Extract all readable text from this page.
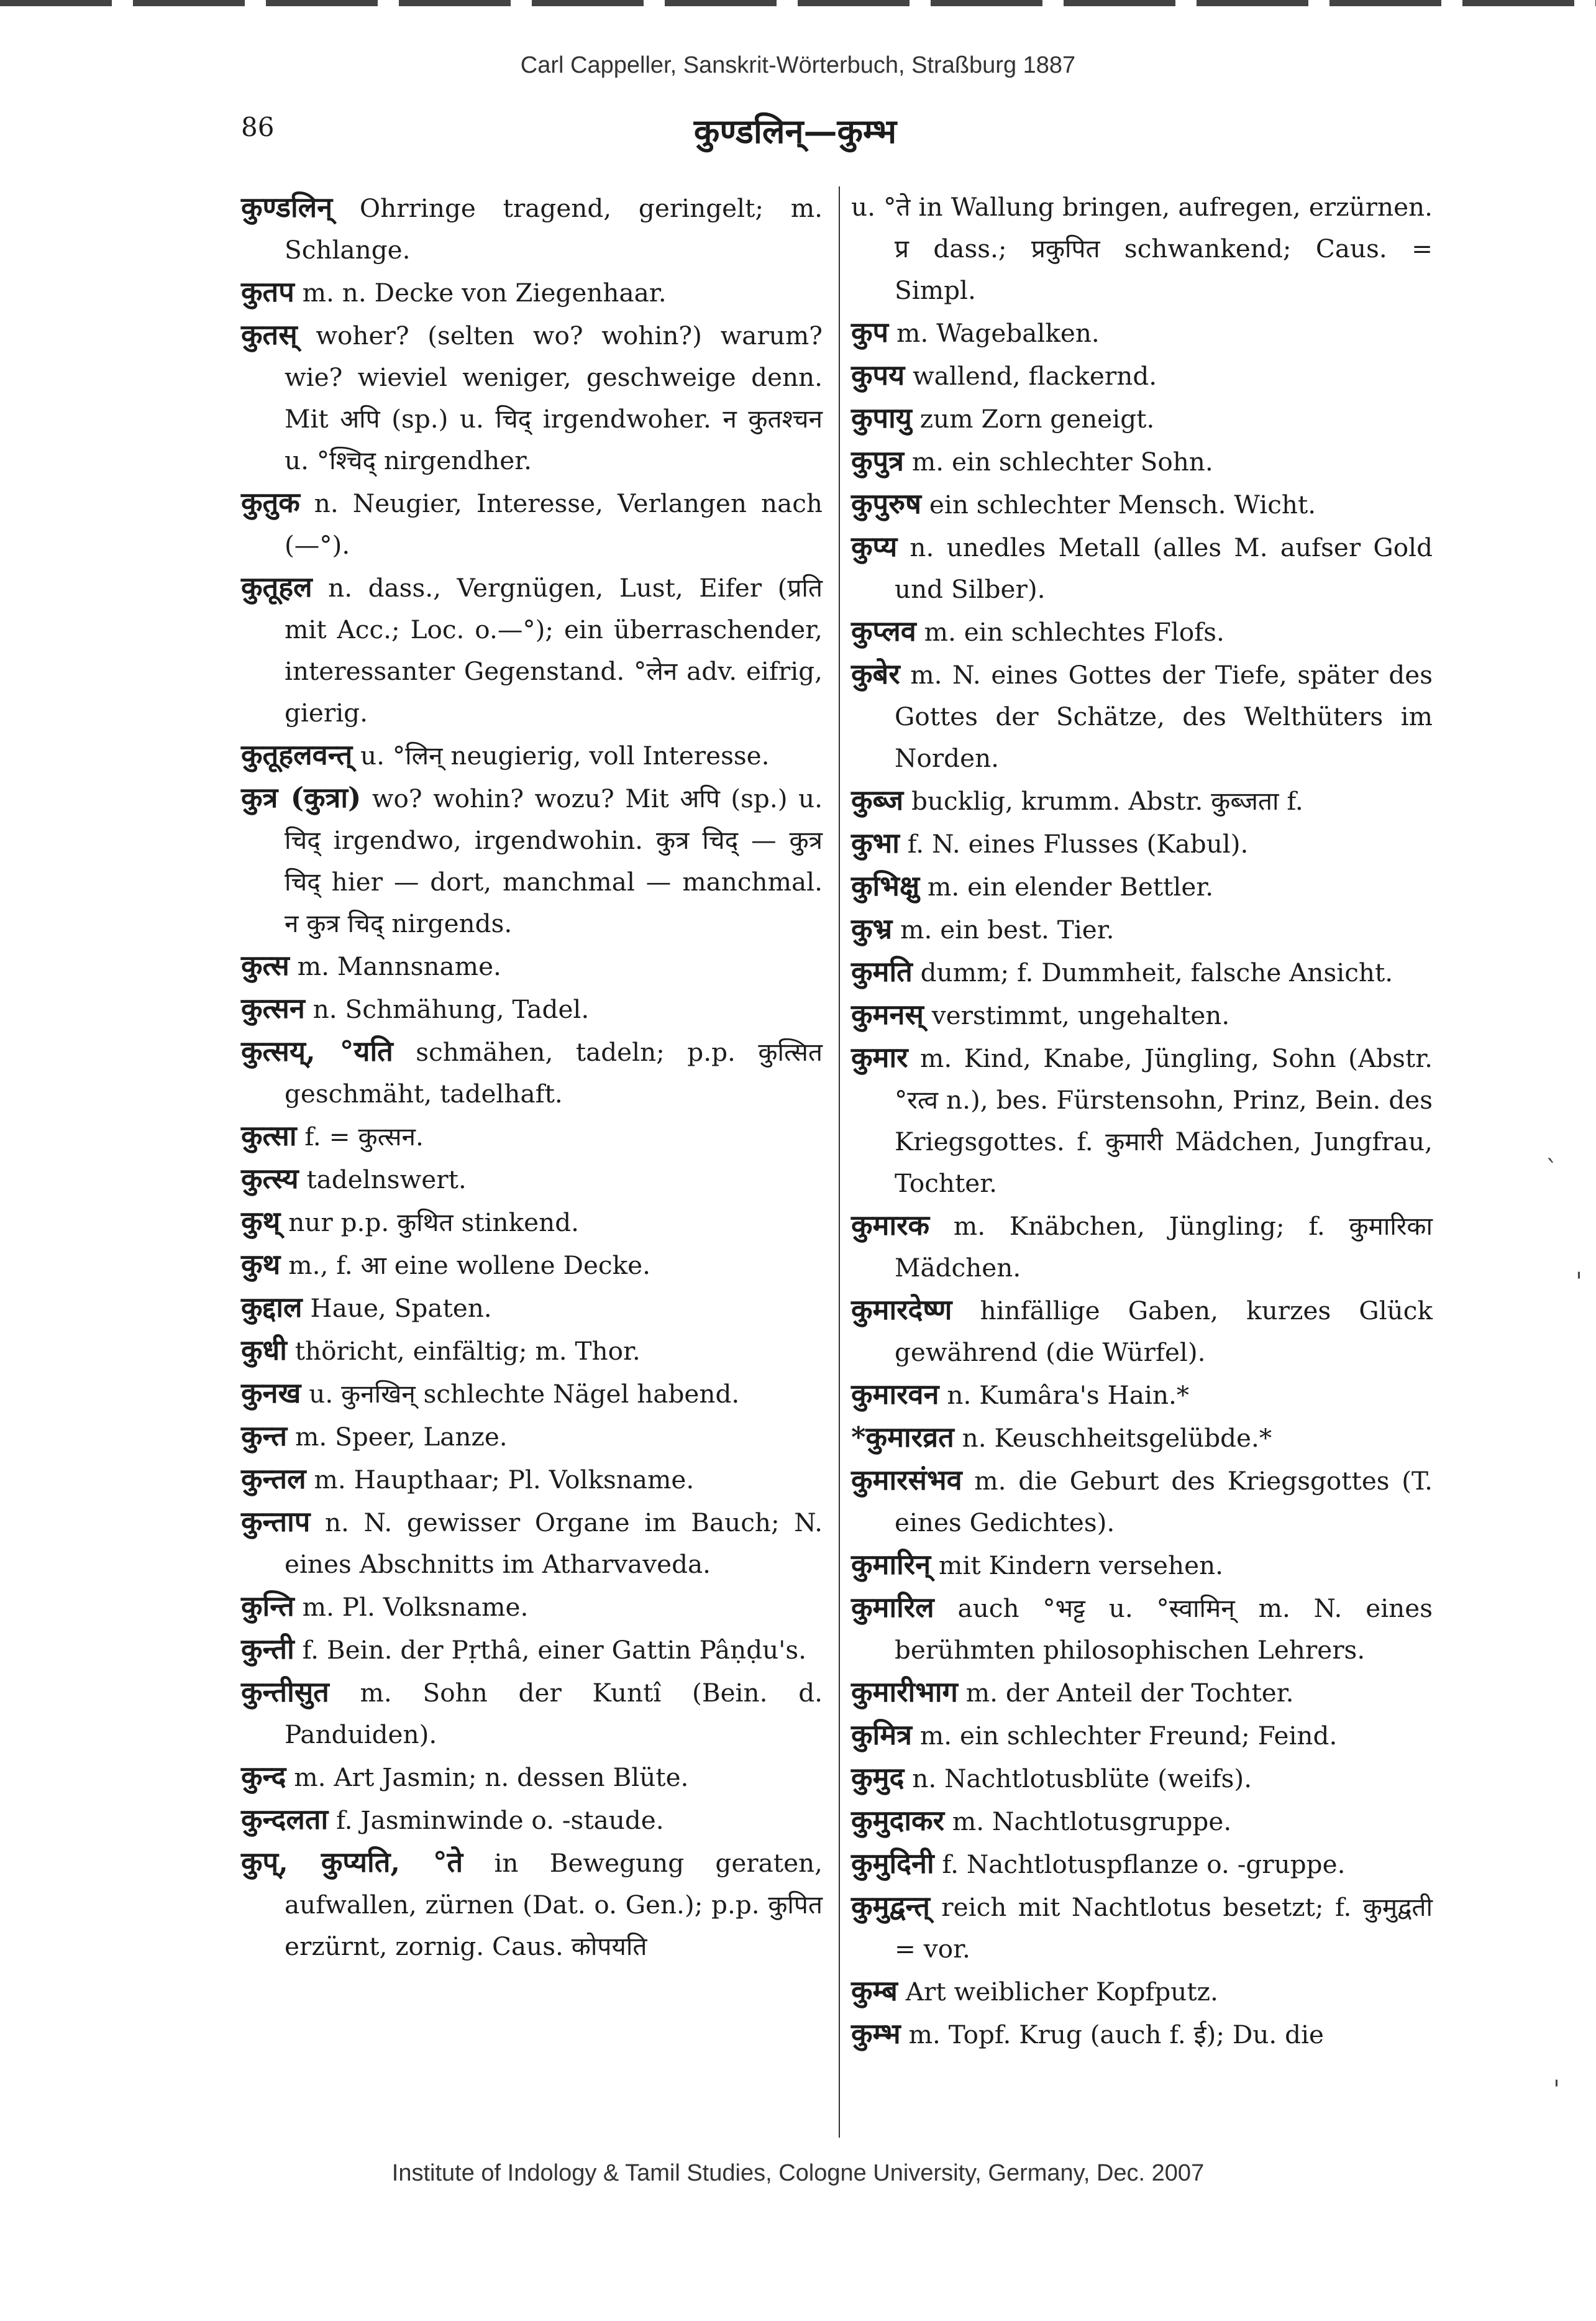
Carl Cappeller, Sanskrit-Wörterbuch, Straßburg 1887
86	कुण्डलिन्—कुम्भ
कुण्डलिन् Ohrringe tragend, geringelt; m. Schlange.
कुतप m. n. Decke von Ziegenhaar.
कुतस् woher? (selten wo? wohin?) warum? wie? wieviel weniger, geschweige denn. Mit अपि (sp.) u. चिद् irgendwoher. न कुतश्चन u. °श्चिद् nirgendher.
कुतुक n. Neugier, Interesse, Verlangen nach (—°).
कुतूहल n. dass., Vergnügen, Lust, Eifer (प्रति mit Acc.; Loc. o.—°); ein überraschender, interessanter Gegenstand. °लेन adv. eifrig, gierig.
कुतूहलवन्त् u. °लिन् neugierig, voll Interesse.
कुत्र (कुत्रा) wo? wohin? wozu? Mit अपि (sp.) u. चिद् irgendwo, irgendwohin. कुत्र चिद् — कुत्र चिद् hier — dort, manchmal — manchmal. न कुत्र चिद् nirgends.
कुत्स m. Mannsname.
कुत्सन n. Schmähung, Tadel.
कुत्सय्, °यति schmähen, tadeln; p.p. कुत्सित geschmäht, tadelhaft.
कुत्सा f. = कुत्सन.
कुत्स्य tadelnswert.
कुथ् nur p.p. कुथित stinkend.
कुथ m., f. आ eine wollene Decke.
कुद्दाल Haue, Spaten.
कुधी thöricht, einfältig; m. Thor.
कुनख u. कुनखिन् schlechte Nägel habend.
कुन्त m. Speer, Lanze.
कुन्तल m. Haupthaar; Pl. Volksname.
कुन्ताप n. N. gewisser Organe im Bauch; N. eines Abschnitts im Atharvaveda.
कुन्ति m. Pl. Volksname.
कुन्ती f. Bein. der Pṛthâ, einer Gattin Pâṇḍu's.
कुन्तीसुत m. Sohn der Kuntî (Bein. d. Panduiden).
कुन्द m. Art Jasmin; n. dessen Blüte.
कुन्दलता f. Jasminwinde o. -staude.
कुप्, कुप्यति, °ते in Bewegung geraten, aufwallen, zürnen (Dat. o. Gen.); p.p. कुपित erzürnt, zornig. Caus. कोपयति
u. °ते in Wallung bringen, aufregen, erzürnen. प्र dass.; प्रकुपित schwankend; Caus. = Simpl.
कुप m. Wagebalken.
कुपय wallend, flackernd.
कुपायु zum Zorn geneigt.
कुपुत्र m. ein schlechter Sohn.
कुपुरुष ein schlechter Mensch. Wicht.
कुप्य n. unedles Metall (alles M. aufser Gold und Silber).
कुप्लव m. ein schlechtes Flofs.
कुबेर m. N. eines Gottes der Tiefe, später des Gottes der Schätze, des Welthüters im Norden.
कुब्ज bucklig, krumm. Abstr. कुब्जता f.
कुभा f. N. eines Flusses (Kabul).
कुभिक्षु m. ein elender Bettler.
कुभ्र m. ein best. Tier.
कुमति dumm; f. Dummheit, falsche Ansicht.
कुमनस् verstimmt, ungehalten.
कुमार m. Kind, Knabe, Jüngling, Sohn (Abstr. °रत्व n.), bes. Fürstensohn, Prinz, Bein. des Kriegsgottes. f. कुमारी Mädchen, Jungfrau, Tochter.
कुमारक m. Knäbchen, Jüngling; f. कुमारिका Mädchen.
कुमारदेष्ण hinfällige Gaben, kurzes Glück gewährend (die Würfel).
कुमारवन n. Kumâra's Hain.*
*कुमारव्रत n. Keuschheitsgelübde.*
कुमारसंभव m. die Geburt des Kriegsgottes (T. eines Gedichtes).
कुमारिन् mit Kindern versehen.
कुमारिल auch °भट्ट u. °स्वामिन् m. N. eines berühmten philosophischen Lehrers.
कुमारीभाग m. der Anteil der Tochter.
कुमित्र m. ein schlechter Freund; Feind.
कुमुद n. Nachtlotusblüte (weifs).
कुमुदाकर m. Nachtlotusgruppe.
कुमुदिनी f. Nachtlotuspflanze o. -gruppe.
कुमुद्वन्त् reich mit Nachtlotus besetzt; f. कुमुद्वती = vor.
कुम्ब Art weiblicher Kopfputz.
कुम्भ m. Topf. Krug (auch f. ई); Du. die
`
'
'
Institute of Indology & Tamil Studies, Cologne University, Germany, Dec. 2007
